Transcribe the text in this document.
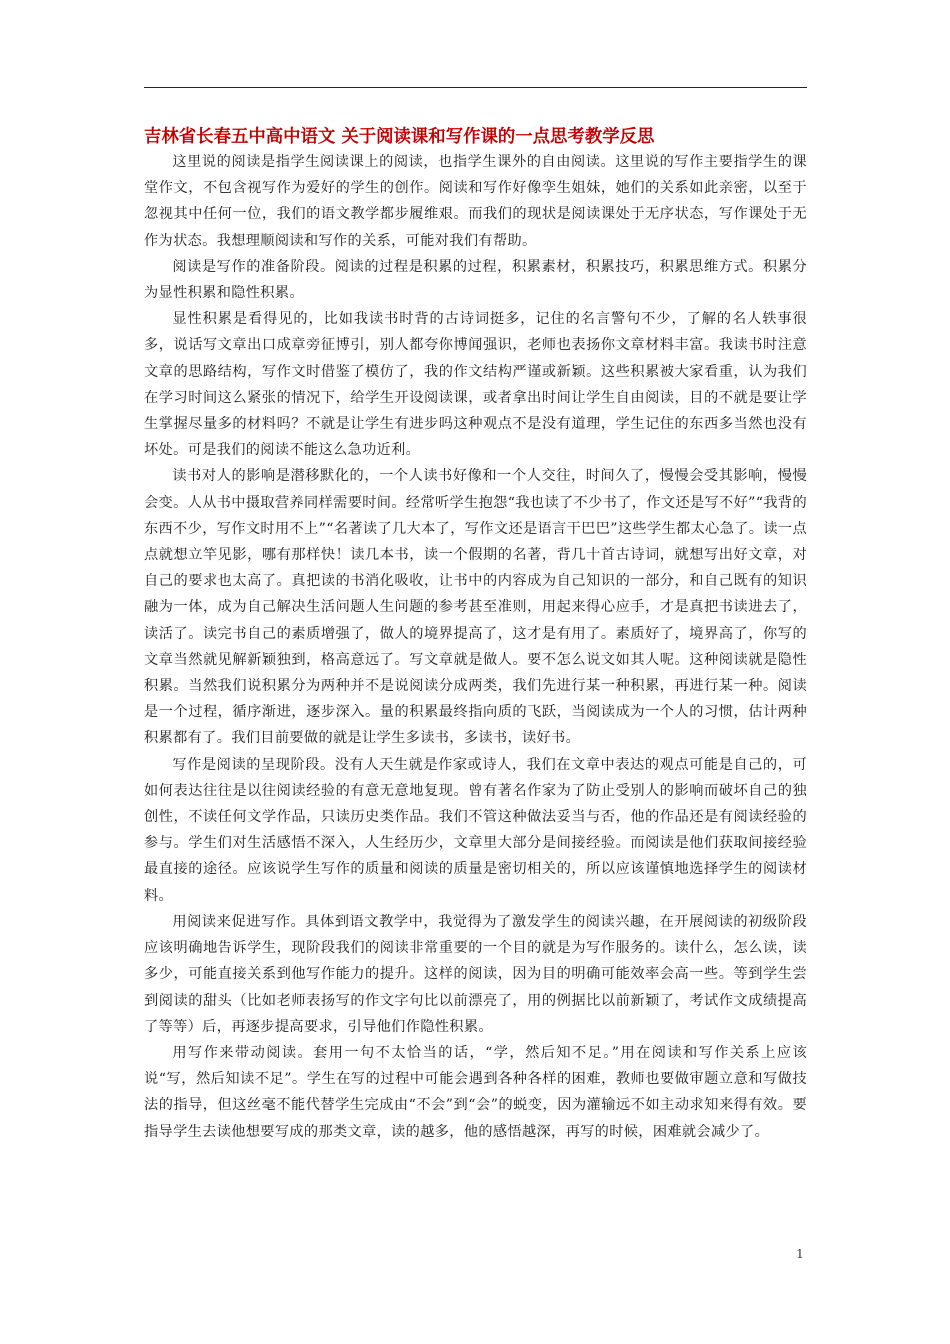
吉林省长春五中高中语文 关于阅读课和写作课的一点思考教学反思

这里说的阅读是指学生阅读课上的阅读，也指学生课外的自由阅读。这里说的写作主要指学生的课堂作文，不包含视写作为爱好的学生的创作。阅读和写作好像孪生姐妹，她们的关系如此亲密，以至于忽视其中任何一位，我们的语文教学都步履维艰。而我们的现状是阅读课处于无序状态，写作课处于无作为状态。我想理顺阅读和写作的关系，可能对我们有帮助。

阅读是写作的准备阶段。阅读的过程是积累的过程，积累素材，积累技巧，积累思维方式。积累分为显性积累和隐性积累。

显性积累是看得见的，比如我读书时背的古诗词挺多，记住的名言警句不少，了解的名人轶事很多，说话写文章出口成章旁征博引，别人都夸你博闻强识，老师也表扬你文章材料丰富。我读书时注意文章的思路结构，写作文时借鉴了模仿了，我的作文结构严谨或新颖。这些积累被大家看重，认为我们在学习时间这么紧张的情况下，给学生开设阅读课，或者拿出时间让学生自由阅读，目的不就是要让学生掌握尽量多的材料吗？不就是让学生有进步吗这种观点不是没有道理，学生记住的东西多当然也没有坏处。可是我们的阅读不能这么急功近利。

读书对人的影响是潜移默化的，一个人读书好像和一个人交往，时间久了，慢慢会受其影响，慢慢会变。人从书中摄取营养同样需要时间。经常听学生抱怨“我也读了不少书了，作文还是写不好”“我背的东西不少，写作文时用不上”“名著读了几大本了，写作文还是语言干巴巴”这些学生都太心急了。读一点点就想立竿见影，哪有那样快！读几本书，读一个假期的名著，背几十首古诗词，就想写出好文章，对自己的要求也太高了。真把读的书消化吸收，让书中的内容成为自己知识的一部分，和自己既有的知识融为一体，成为自己解决生活问题人生问题的参考甚至准则，用起来得心应手，才是真把书读进去了，读活了。读完书自己的素质增强了，做人的境界提高了，这才是有用了。素质好了，境界高了，你写的文章当然就见解新颖独到，格高意远了。写文章就是做人。要不怎么说文如其人呢。这种阅读就是隐性积累。当然我们说积累分为两种并不是说阅读分成两类，我们先进行某一种积累，再进行某一种。阅读是一个过程，循序渐进，逐步深入。量的积累最终指向质的飞跃，当阅读成为一个人的习惯，估计两种积累都有了。我们目前要做的就是让学生多读书，多读书，读好书。

写作是阅读的呈现阶段。没有人天生就是作家或诗人，我们在文章中表达的观点可能是自己的，可如何表达往往是以往阅读经验的有意无意地复现。曾有著名作家为了防止受别人的影响而破坏自己的独创性，不读任何文学作品，只读历史类作品。我们不管这种做法妥当与否，他的作品还是有阅读经验的参与。学生们对生活感悟不深入，人生经历少，文章里大部分是间接经验。而阅读是他们获取间接经验最直接的途径。应该说学生写作的质量和阅读的质量是密切相关的，所以应该谨慎地选择学生的阅读材料。

用阅读来促进写作。具体到语文教学中，我觉得为了激发学生的阅读兴趣，在开展阅读的初级阶段应该明确地告诉学生，现阶段我们的阅读非常重要的一个目的就是为写作服务的。读什么，怎么读，读多少，可能直接关系到他写作能力的提升。这样的阅读，因为目的明确可能效率会高一些。等到学生尝到阅读的甜头（比如老师表扬写的作文字句比以前漂亮了，用的例据比以前新颖了，考试作文成绩提高了等等）后，再逐步提高要求，引导他们作隐性积累。

用写作来带动阅读。套用一句不太恰当的话，“学，然后知不足。”用在阅读和写作关系上应该说“写，然后知读不足”。学生在写的过程中可能会遇到各种各样的困难，教师也要做审题立意和写做技法的指导，但这丝毫不能代替学生完成由“不会”到“会”的蜕变，因为灌输远不如主动求知来得有效。要指导学生去读他想要写成的那类文章，读的越多，他的感悟越深，再写的时候，困难就会减少了。

1
